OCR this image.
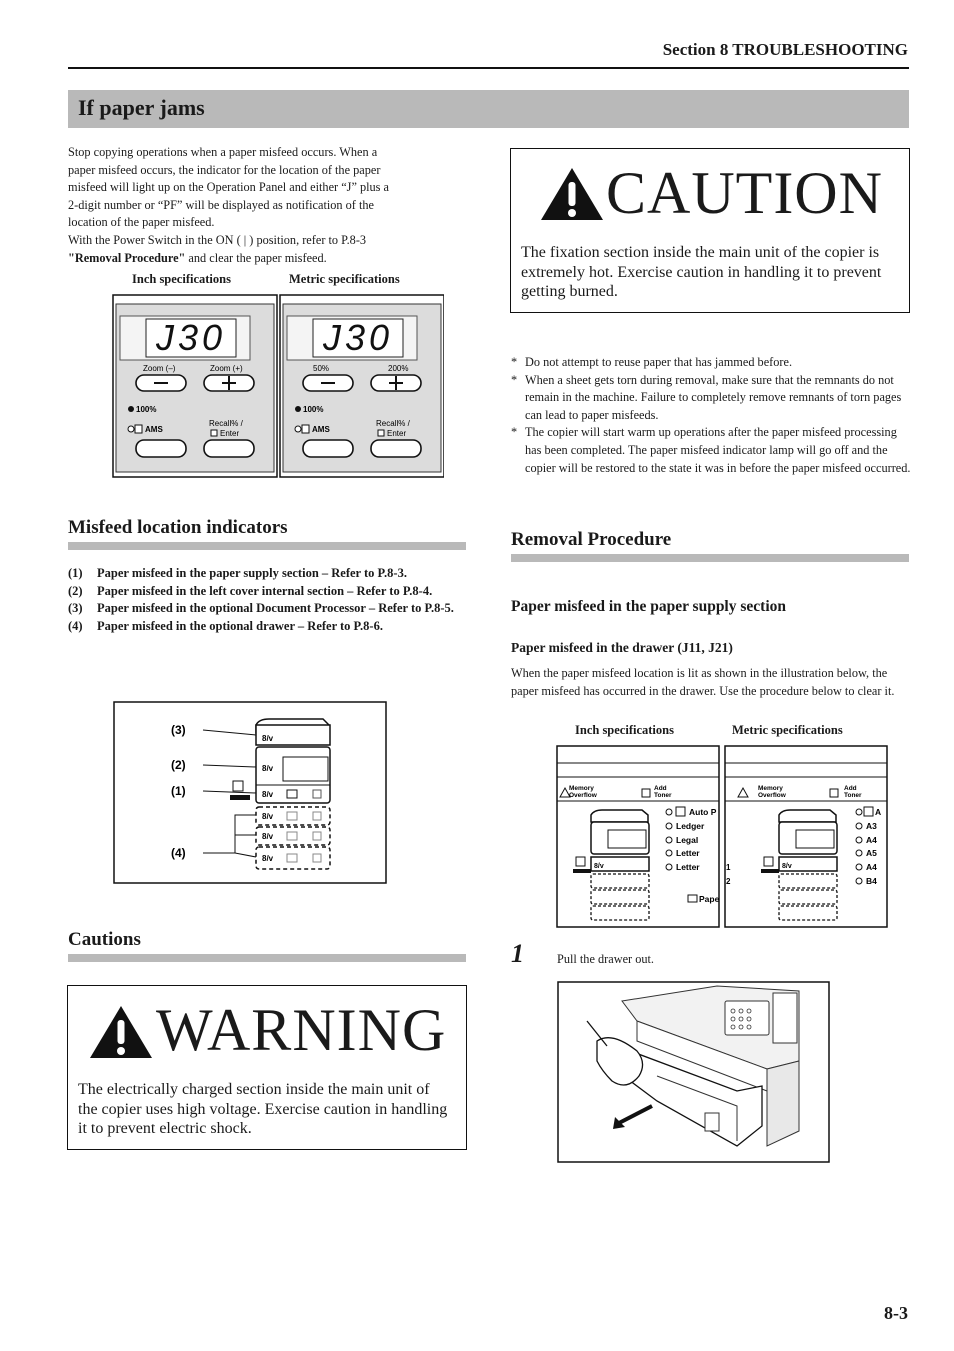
Section 8 TROUBLESHOOTING
If paper jams
Stop copying operations when a paper misfeed occurs. When a
paper misfeed occurs, the indicator for the location of the paper
misfeed will light up on the Operation Panel and either “J” plus a
2-digit number or “PF” will be displayed as notification of the
location of the paper misfeed.
With the Power Switch in the ON ( | ) position, refer to P.8-3
"Removal Procedure" and clear the paper misfeed.
Inch specifications	Metric specifications
J30
Zoom (–)	Zoom (+)
100%
AMS
Recall% /
Enter
J30
50%	200%
100%
AMS
Recall% /
Enter
Misfeed location indicators
(1) Paper misfeed in the paper supply section – Refer to P.8-3.
(2) Paper misfeed in the left cover internal section – Refer to P.8-4.
(3) Paper misfeed in the optional Document Processor – Refer to P.8-5.
(4) Paper misfeed in the optional drawer – Refer to P.8-6.
(3)
(2)
(1)
(4)
8/v
8/v
8/v
8/v
8/v
8/v
Cautions
WARNING
The electrically charged section inside the main unit of the copier uses high voltage. Exercise caution in handling it to prevent electric shock.
CAUTION
The fixation section inside the main unit of the copier is extremely hot. Exercise caution in handling it to prevent getting burned.
* Do not attempt to reuse paper that has jammed before.
* When a sheet gets torn during removal, make sure that the remnants do not remain in the machine. Failure to completely remove remnants of torn pages can lead to paper misfeeds.
* The copier will start warm up operations after the paper misfeed processing has been completed. The paper misfeed indicator lamp will go off and the copier will be restored to the state it was in before the paper misfeed occurred.
Removal Procedure
Paper misfeed in the paper supply section
Paper misfeed in the drawer (J11, J21)
When the paper misfeed location is lit as shown in the illustration below, the paper misfeed has occurred in the drawer. Use the procedure below to clear it.
Inch specifications	Metric specifications
Memory
Overflow
Add
Toner
Auto P
Ledger
Legal
Letter
Letter
Pape
8/v
Memory
Overflow
Add
Toner
A
A3
A4
A5
A4
B4
8/v
1
2
1	Pull the drawer out.
8-3
